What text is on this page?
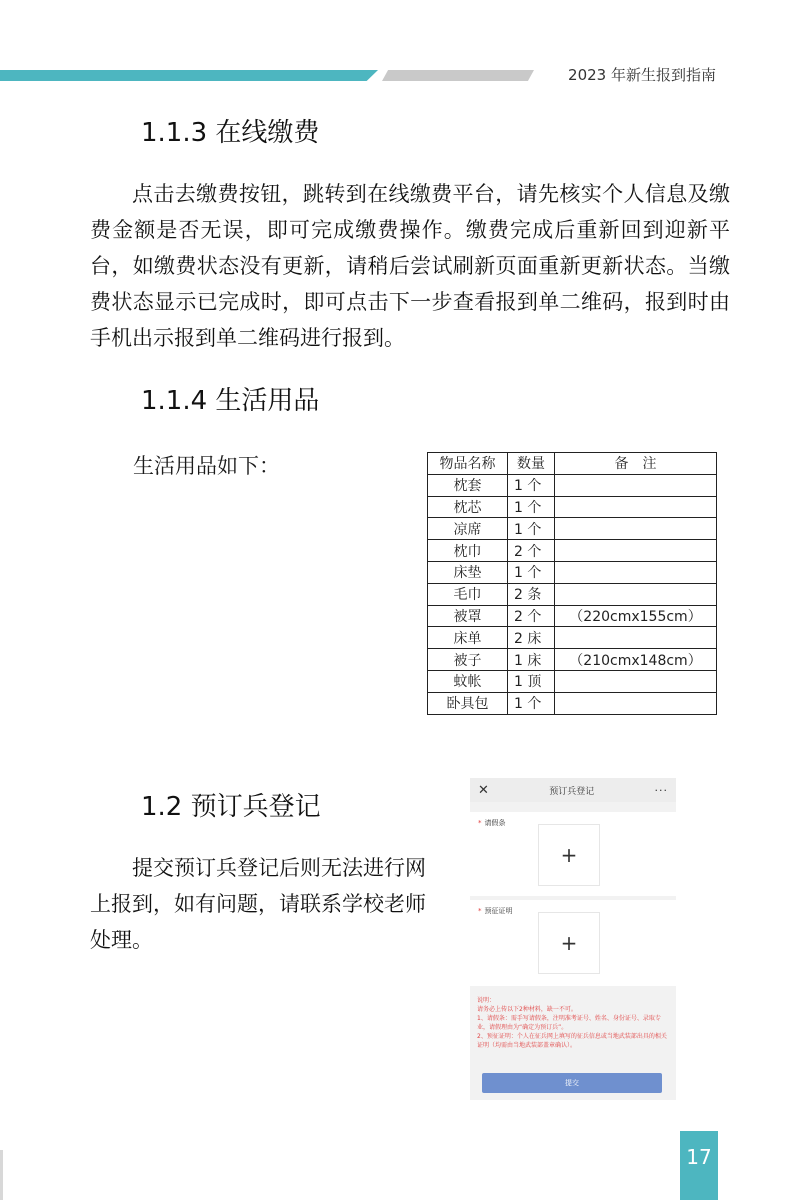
2023 年新生报到指南
1.1.3 在线缴费

点击去缴费按钮，跳转到在线缴费平台，请先核实个人信息及缴费金额是否无误，即可完成缴费操作。缴费完成后重新回到迎新平台，如缴费状态没有更新，请稍后尝试刷新页面重新更新状态。当缴费状态显示已完成时，即可点击下一步查看报到单二维码，报到时由手机出示报到单二维码进行报到。

1.1.4 生活用品

生活用品如下：	物品名称	数量	备　注
枕套	1 个	
枕芯	1 个	
凉席	1 个	
枕巾	2 个	
床垫	1 个	
毛巾	2 条	
被罩	2 个	（220cmx155cm）
床单	2 床	
被子	1 床	（210cmx148cm）
蚊帐	1 顶	
卧具包	1 个	
1.2 预订兵登记

提交预订兵登记后则无法进行网上报到，如有问题，请联系学校老师处理。

✕	预订兵登记	···
* 请假条
+
* 预征证明
+

说明：
请务必上传以下2种材料，缺一不可。
1、请假条：需手写请假条，注明准考证号、姓名、身份证号、录取专业，请假理由为“确定为预订兵”。
2、预征证明：个人在征兵网上填写的征兵信息或当地武装部出具的相关证明（均需由当地武装部盖章确认）。

提交
17
